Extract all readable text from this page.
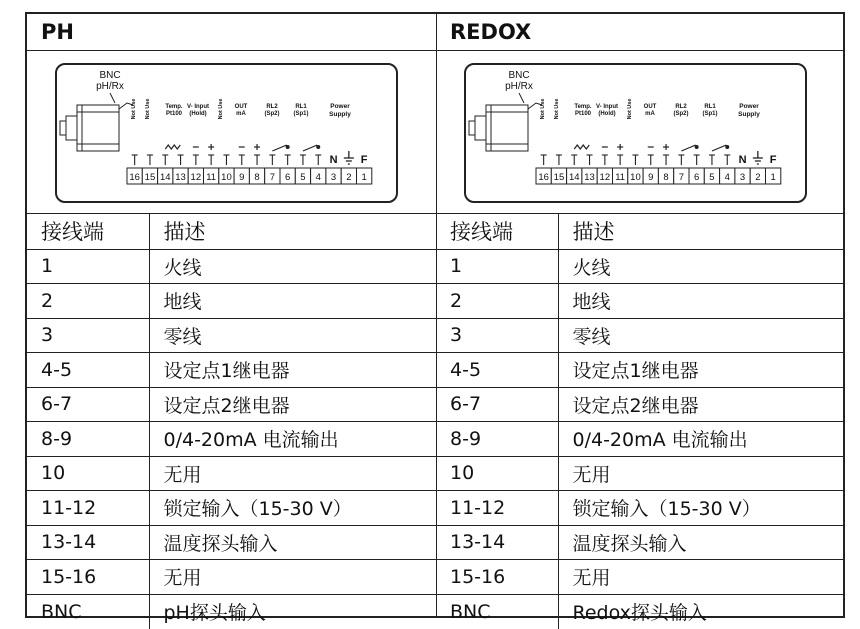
PH
BNC
pH/Rx
Not Use Not Use	Not Use
Temp.
Pt100
V- Input
(Hold)
OUT
mA
RL2
(Sp2)
RL1
(Sp1)
Power
Supply
16 15 14 13 12 11 10 9 8 7 6 5 4 3 2 1
N F
接线端	描述
1	火线
2	地线
3	零线
4-5	设定点1继电器
6-7	设定点2继电器
8-9	0/4-20mA 电流输出
10	无用
11-12	锁定输入（15-30 V）
13-14	温度探头输入
15-16	无用
BNC	pH探头输入
REDOX
BNC
pH/Rx
Not Use Not Use	Not Use
Temp.
Pt100
V- Input
(Hold)
OUT
mA
RL2
(Sp2)
RL1
(Sp1)
Power
Supply
16 15 14 13 12 11 10 9 8 7 6 5 4 3 2 1
N F
接线端	描述
1	火线
2	地线
3	零线
4-5	设定点1继电器
6-7	设定点2继电器
8-9	0/4-20mA 电流输出
10	无用
11-12	锁定输入（15-30 V）
13-14	温度探头输入
15-16	无用
BNC	Redox探头输入
